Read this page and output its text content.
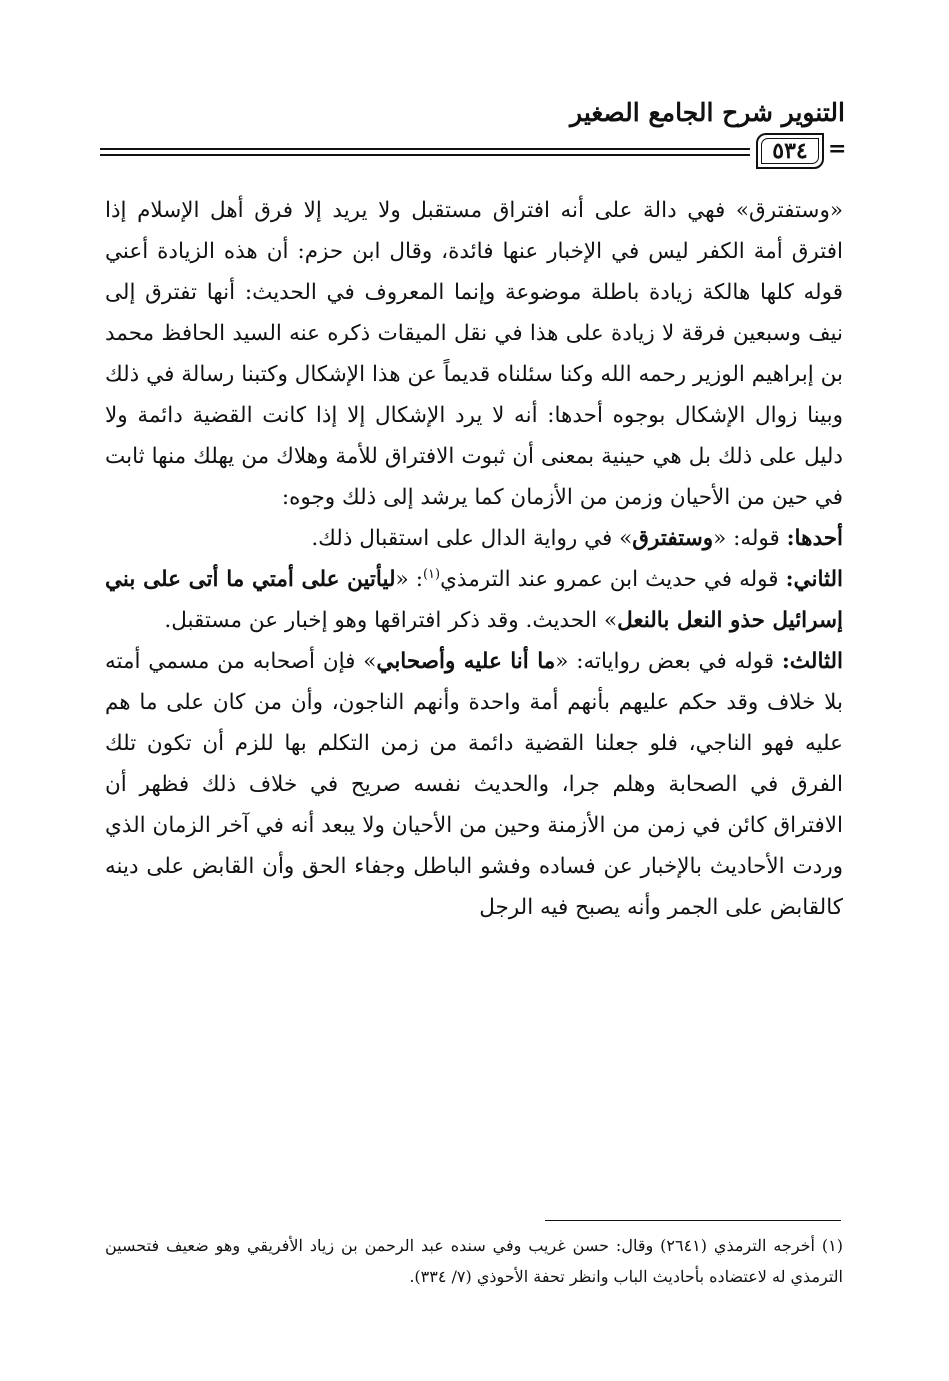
التنوير شرح الجامع الصغير
٥٣٤ =

«وستفترق» فهي دالة على أنه افتراق مستقبل ولا يريد إلا فرق أهل الإسلام إذا افترق أمة الكفر ليس في الإخبار عنها فائدة، وقال ابن حزم: أن هذه الزيادة أعني قوله كلها هالكة زيادة باطلة موضوعة وإنما المعروف في الحديث: أنها تفترق إلى نيف وسبعين فرقة لا زيادة على هذا في نقل الميقات ذكره عنه السيد الحافظ محمد بن إبراهيم الوزير رحمه الله وكنا سئلناه قديماً عن هذا الإشكال وكتبنا رسالة في ذلك وبينا زوال الإشكال بوجوه أحدها: أنه لا يرد الإشكال إلا إذا كانت القضية دائمة ولا دليل على ذلك بل هي حينية بمعنى أن ثبوت الافتراق للأمة وهلاك من يهلك منها ثابت في حين من الأحيان وزمن من الأزمان كما يرشد إلى ذلك وجوه:

أحدها: قوله: «وستفترق» في رواية الدال على استقبال ذلك.

الثاني: قوله في حديث ابن عمرو عند الترمذي$^{(١)}$: «ليأتين على أمتي ما أتى على بني إسرائيل حذو النعل بالنعل» الحديث. وقد ذكر افتراقها وهو إخبار عن مستقبل.

الثالث: قوله في بعض رواياته: «ما أنا عليه وأصحابي» فإن أصحابه من مسمي أمته بلا خلاف وقد حكم عليهم بأنهم أمة واحدة وأنهم الناجون، وأن من كان على ما هم عليه فهو الناجي، فلو جعلنا القضية دائمة من زمن التكلم بها للزم أن تكون تلك الفرق في الصحابة وهلم جرا، والحديث نفسه صريح في خلاف ذلك فظهر أن الافتراق كائن في زمن من الأزمنة وحين من الأحيان ولا يبعد أنه في آخر الزمان الذي وردت الأحاديث بالإخبار عن فساده وفشو الباطل وجفاء الحق وأن القابض على دينه كالقابض على الجمر وأنه يصبح فيه الرجل

(١) أخرجه الترمذي (٢٦٤١) وقال: حسن غريب وفي سنده عبد الرحمن بن زياد الأفريقي وهو ضعيف فتحسين الترمذي له لاعتضاده بأحاديث الباب وانظر تحفة الأحوذي (٧/ ٣٣٤).
